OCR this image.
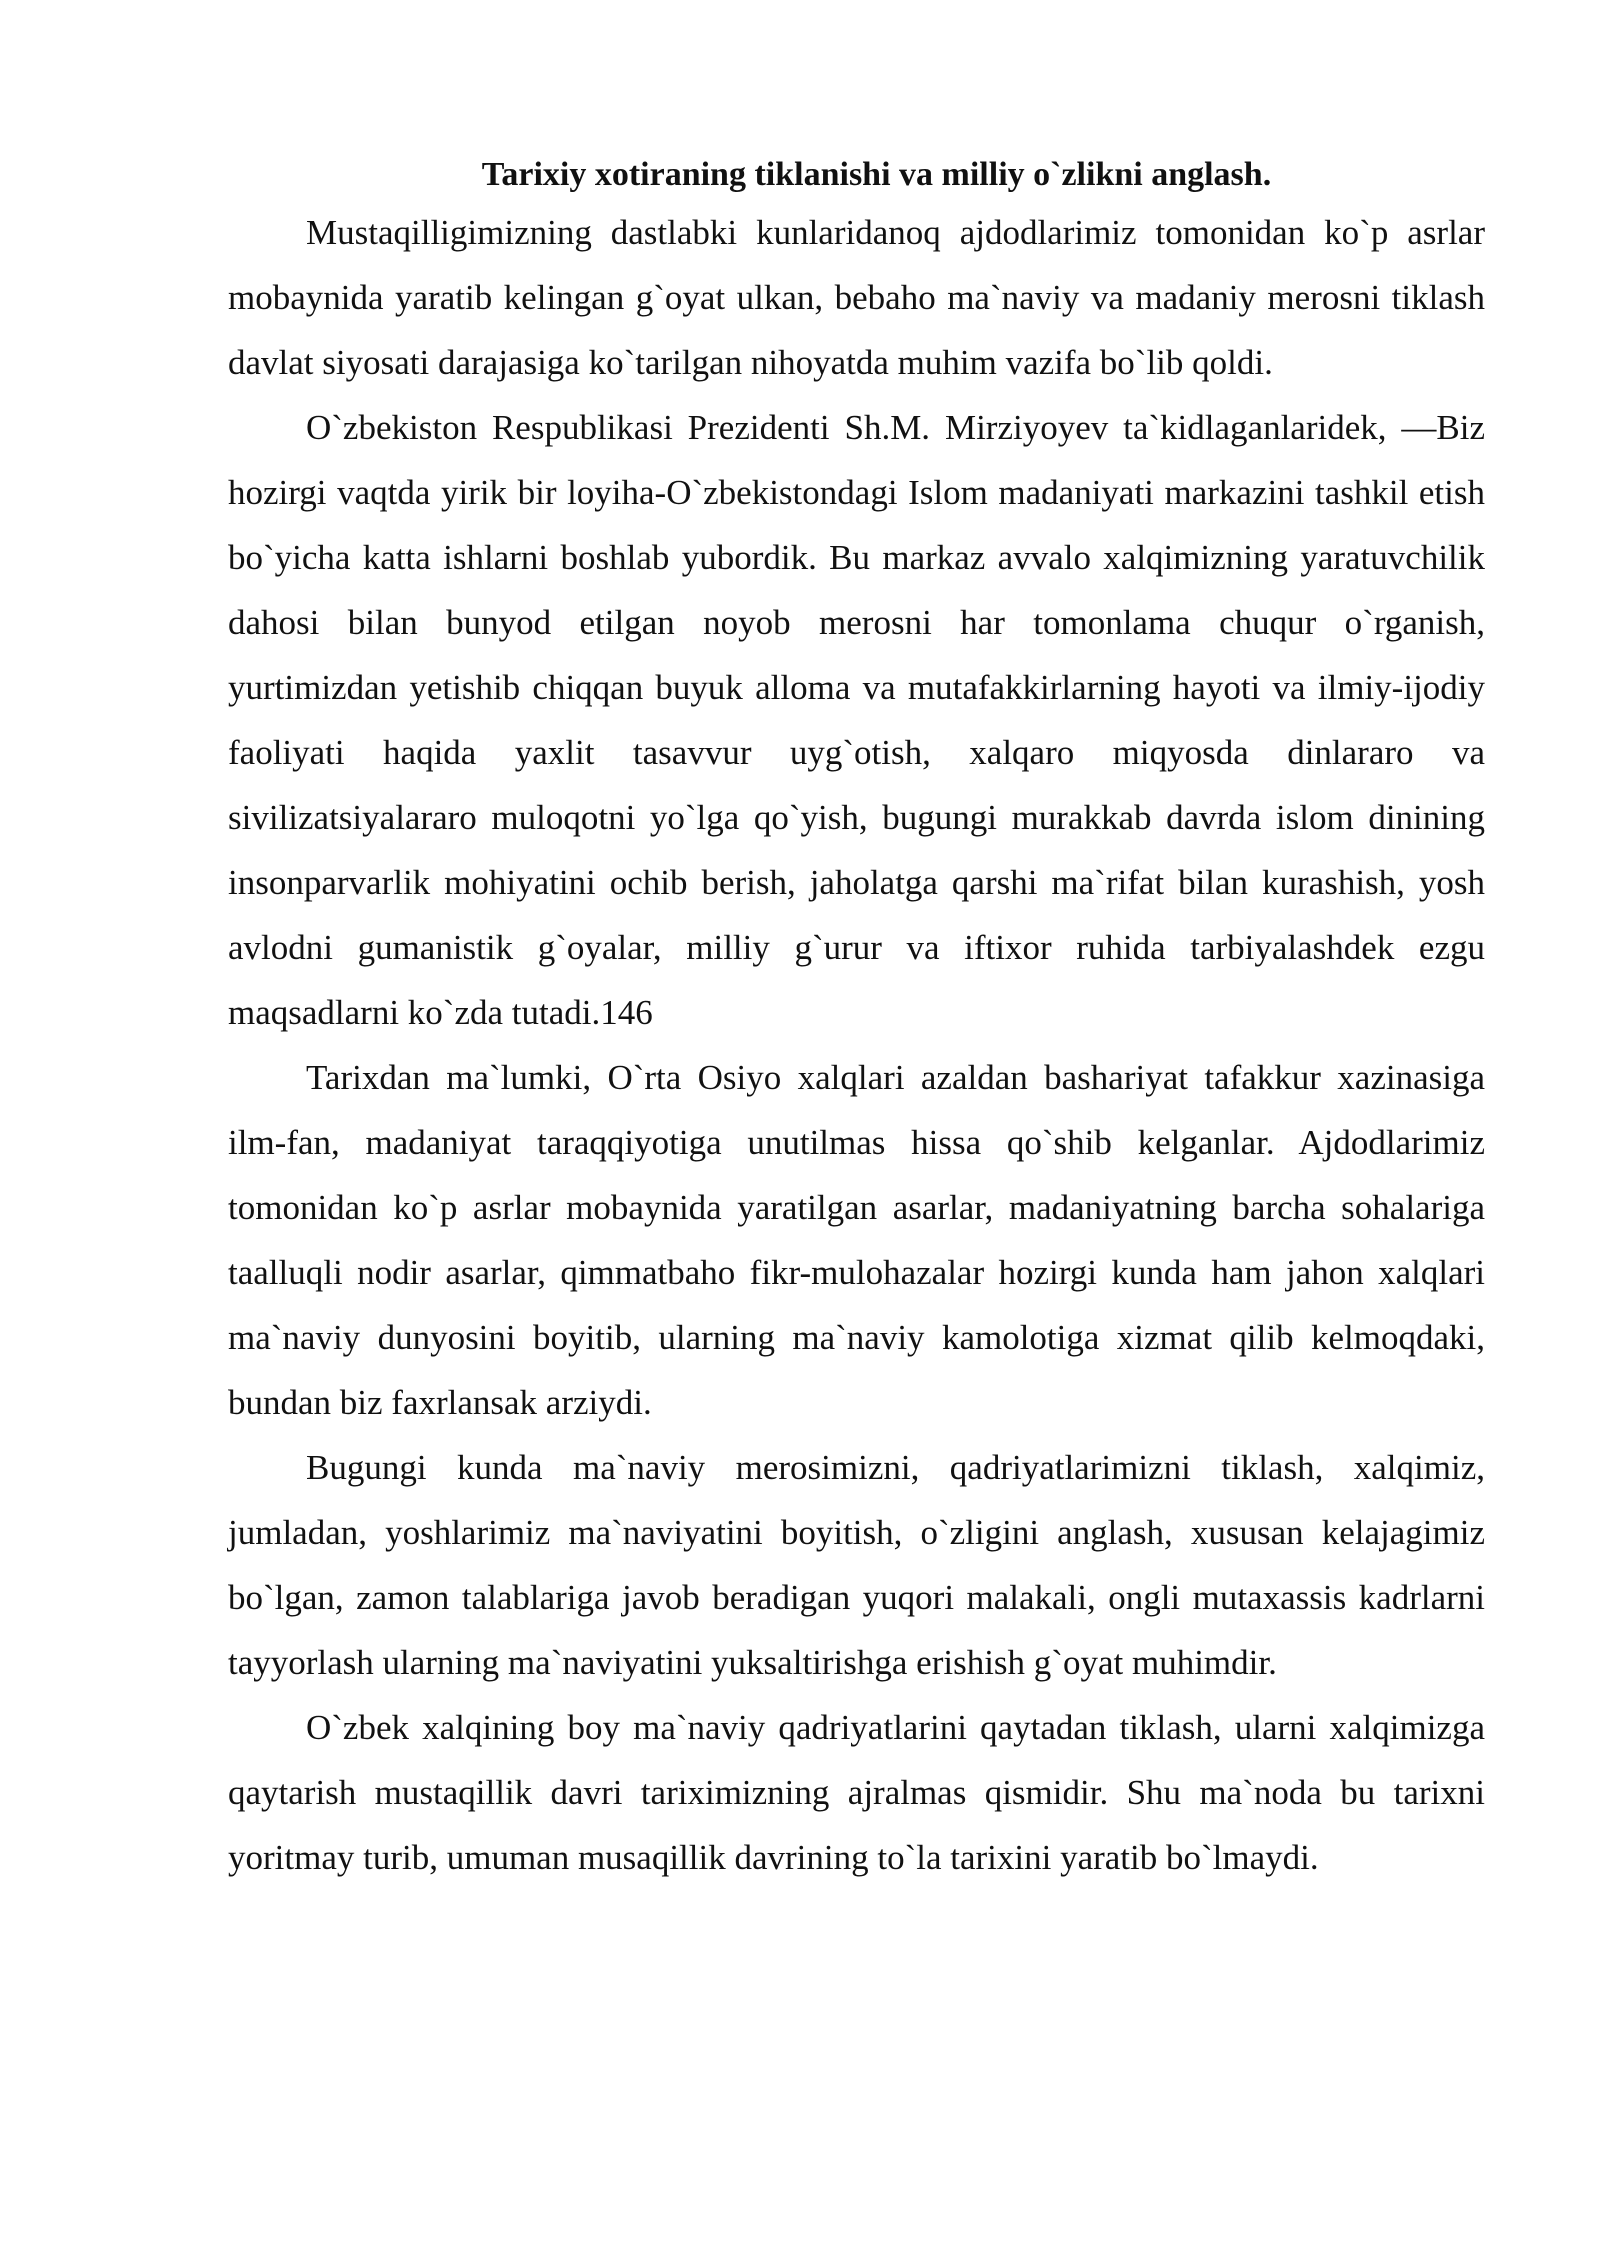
Tarixiy xotiraning tiklanishi va milliy o`zlikni anglash.

Mustaqilligimizning dastlabki kunlaridanoq ajdodlarimiz tomonidan ko`p asrlar mobaynida yaratib kelingan g`oyat ulkan, bebaho ma`naviy va madaniy merosni tiklash davlat siyosati darajasiga ko`tarilgan nihoyatda muhim vazifa bo`lib qoldi.

O`zbekiston Respublikasi Prezidenti Sh.M. Mirziyoyev ta`kidlaganlaridek, ―Biz hozirgi vaqtda yirik bir loyiha-O`zbekistondagi Islom madaniyati markazini tashkil etish bo`yicha katta ishlarni boshlab yubordik. Bu markaz avvalo xalqimizning yaratuvchilik dahosi bilan bunyod etilgan noyob merosni har tomonlama chuqur o`rganish, yurtimizdan yetishib chiqqan buyuk alloma va mutafakkirlarning hayoti va ilmiy-ijodiy faoliyati haqida yaxlit tasavvur uyg`otish, xalqaro miqyosda dinlararo va sivilizatsiyalararo muloqotni yo`lga qo`yish, bugungi murakkab davrda islom dinining insonparvarlik mohiyatini ochib berish, jaholatga qarshi ma`rifat bilan kurashish, yosh avlodni gumanistik g`oyalar, milliy g`urur va iftixor ruhida tarbiyalashdek ezgu maqsadlarni ko`zda tutadi.146

Tarixdan ma`lumki, O`rta Osiyo xalqlari azaldan bashariyat tafakkur xazinasiga ilm-fan, madaniyat taraqqiyotiga unutilmas hissa qo`shib kelganlar. Ajdodlarimiz tomonidan ko`p asrlar mobaynida yaratilgan asarlar, madaniyatning barcha sohalariga taalluqli nodir asarlar, qimmatbaho fikr-mulohazalar hozirgi kunda ham jahon xalqlari ma`naviy dunyosini boyitib, ularning ma`naviy kamolotiga xizmat qilib kelmoqdaki, bundan biz faxrlansak arziydi.

Bugungi kunda ma`naviy merosimizni, qadriyatlarimizni tiklash, xalqimiz, jumladan, yoshlarimiz ma`naviyatini boyitish, o`zligini anglash, xususan kelajagimiz bo`lgan, zamon talablariga javob beradigan yuqori malakali, ongli mutaxassis kadrlarni tayyorlash ularning ma`naviyatini yuksaltirishga erishish g`oyat muhimdir.

O`zbek xalqining boy ma`naviy qadriyatlarini qaytadan tiklash, ularni xalqimizga qaytarish mustaqillik davri tariximizning ajralmas qismidir. Shu ma`noda bu tarixni yoritmay turib, umuman musaqillik davrining to`la tarixini yaratib bo`lmaydi.
